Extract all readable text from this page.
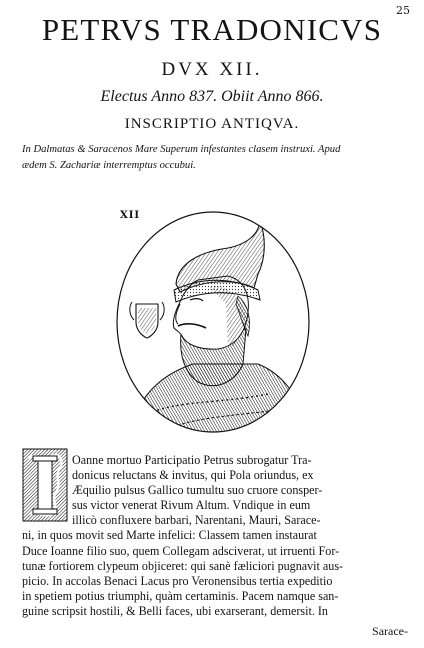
25
PETRVS TRADONICVS
DVX XII.
Electus Anno 837. Obiit Anno 866.
INSCRIPTIO ANTIQVA.
In Dalmatas & Saracenos Mare Superum infestantes clasem instruxi. Apud
ædem S. Zachariæ interremptus occubui.
XII
Oanne mortuo Participatio Petrus subrogatur Tra-
donicus reluctans & invitus, qui Pola oriundus, ex
Æquilio pulsus Gallico tumultu suo cruore consper-
sus victor venerat Rivum Altum. Vndique in eum
illicò confluxere barbari, Narentani, Mauri, Sarace-
ni, in quos movit sed Marte infelici: Classem tamen instaurat
Duce Ioanne filio suo, quem Collegam adsciverat, ut irruenti For-
tunæ fortiorem clypeum objiceret: qui sanè fæliciori pugnavit aus-
picio. In accolas Benaci Lacus pro Veronensibus tertia expeditio
in spetiem potius triumphi, quàm certaminis. Pacem namque san-
guine scripsit hostili, & Belli faces, ubi exarserant, demersit. In
Sarace-
